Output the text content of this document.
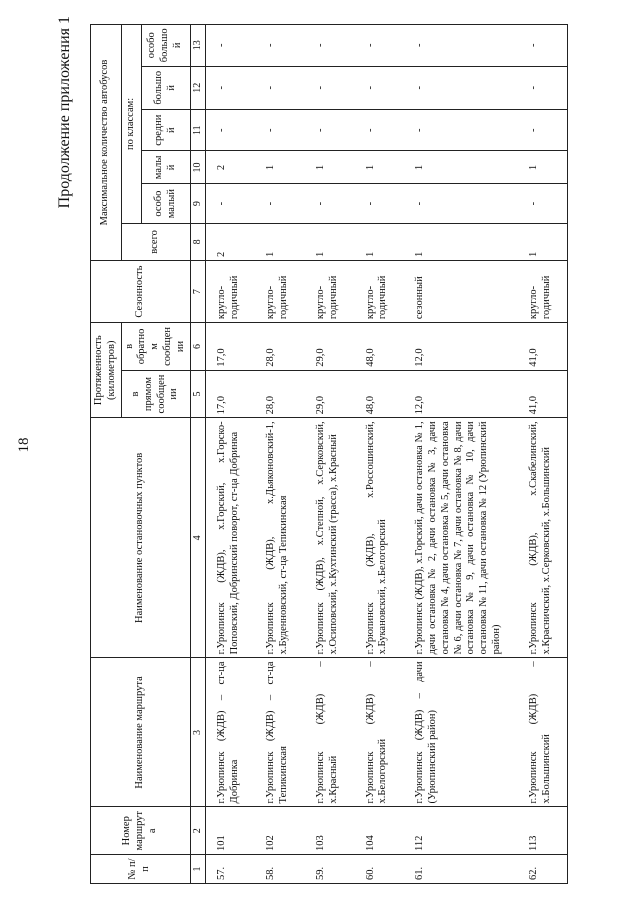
18
Продолжение приложения 1
№ п/п	Номер маршрута	Наименование маршрута	Наименование остановочных пунктов	Протяженность (километров)		Сезонность	Максимальное количество автобусов					
				в прямом сообщении	в обратном сообщении		всего	по классам:				
								особо малый	малый	средний	большой	особо большой
1	2	3	4	5	6	7	8	9	10	11	12	13
57.	101	г.Урюпинск (ЖДВ) – ст-ца Добринка	г.Урюпинск (ЖДВ), х.Горский, х.Горско-Поповский, Добринский поворот, ст-ца Добринка	17,0	17,0	кругло-годичный	2	-	2	-	-	-
58.	102	г.Урюпинск (ЖДВ) – ст-ца Тепикинская	г.Урюпинск (ЖДВ), х.Дьяконовский-1, х.Буденновский, ст-ца Тепикинская	28,0	28,0	кругло-годичный	1	-	1	-	-	-
59.	103	г.Урюпинск (ЖДВ) – х.Красный	г.Урюпинск (ЖДВ), х.Степной, х.Серковский, х.Осиповский, х.Кухтинский (трасса), х.Красный	29,0	29,0	кругло-годичный	1	-	1	-	-	-
60.	104	г.Урюпинск (ЖДВ) – х.Белогорский	г.Урюпинск (ЖДВ), х.Россошинский, х.Букановский, х.Белогорский	48,0	48,0	кругло-годичный	1	-	1	-	-	-
61.	112	г.Урюпинск (ЖДВ) – дачи (Урюпинский район)	г.Урюпинск (ЖДВ), х.Горский, дачи остановка № 1, дачи остановка № 2, дачи остановка № 3, дачи остановка № 4, дачи остановка № 5, дачи остановка № 6, дачи остановка № 7, дачи остановка № 8, дачи остановка № 9, дачи остановка № 10, дачи остановка № 11, дачи остановка № 12 (Урюпинский район)	12,0	12,0	сезонный	1	-	1	-	-	-
62.	113	г.Урюпинск (ЖДВ) – х.Большинский	г.Урюпинск (ЖДВ), х.Скабелинский, х.Красничский, х.Серковский, х.Большинский	41,0	41,0	кругло-годичный	1	-	1	-	-	-
